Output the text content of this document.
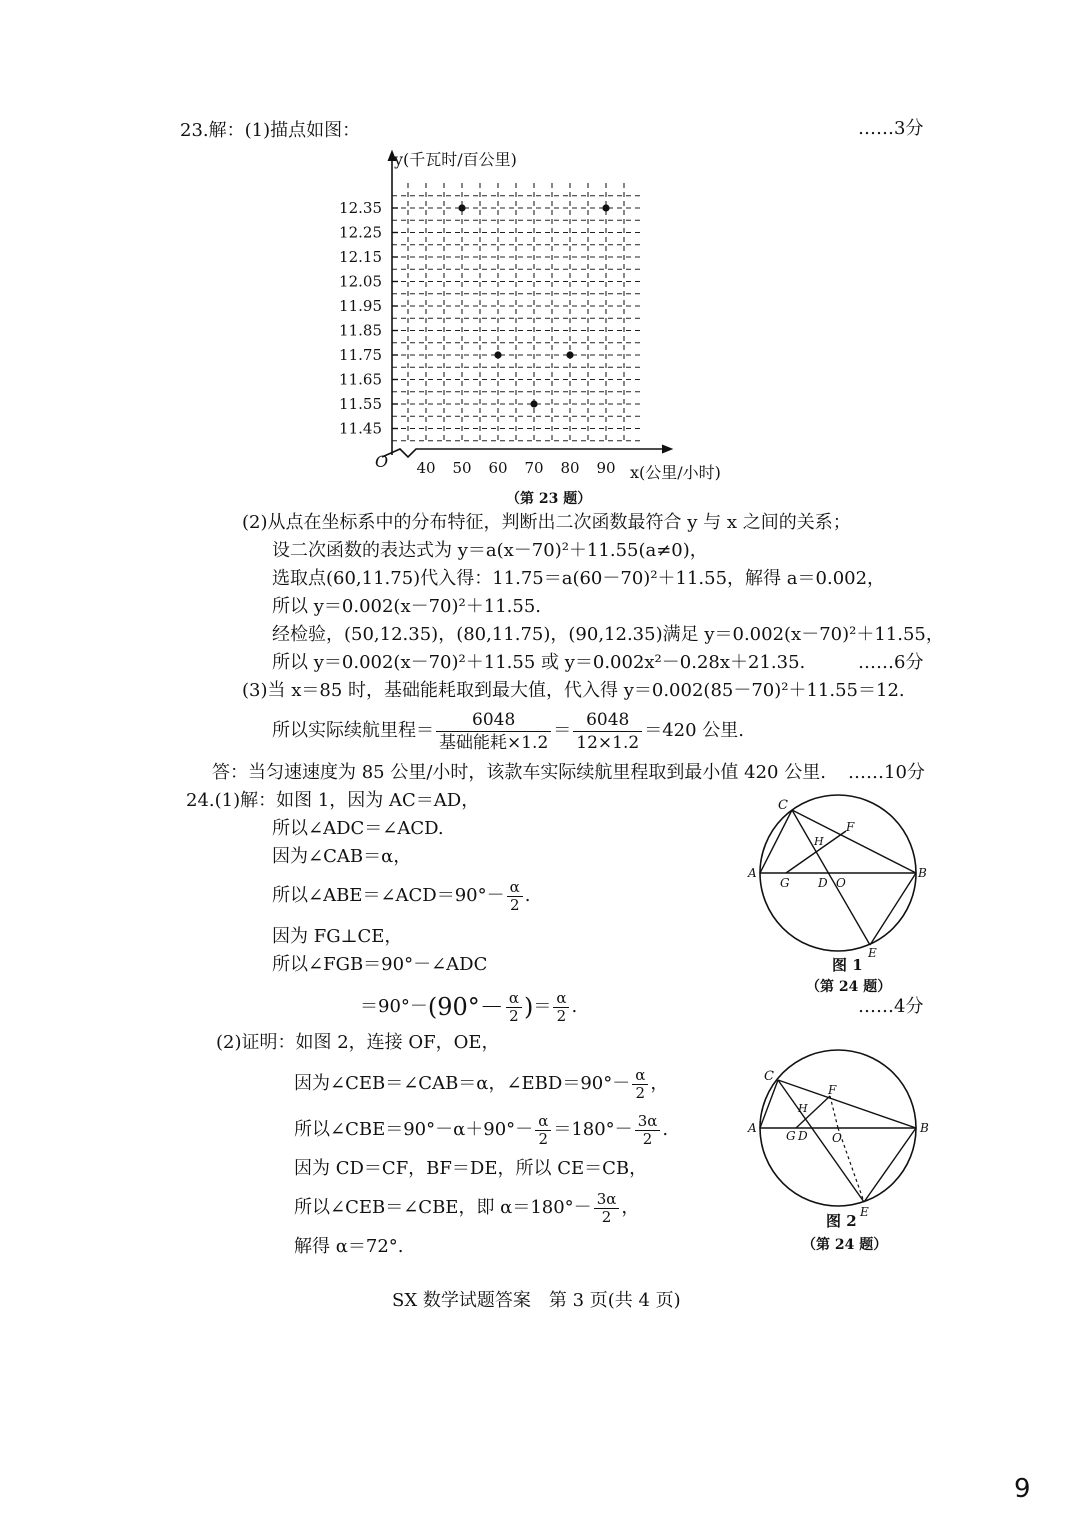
23.解：(1)描点如图：	……3分
12.35
12.25
12.15
12.05
11.95
11.85
11.75
11.65
11.55
11.45
40 50 60 70 80 90
y(千瓦时/百公里)
x(公里/小时)
O
（第 23 题）
(2)从点在坐标系中的分布特征，判断出二次函数最符合 y 与 x 之间的关系；
设二次函数的表达式为 y＝a(x－70)²＋11.55(a≠0)，
选取点(60,11.75)代入得：11.75＝a(60－70)²＋11.55，解得 a＝0.002，
所以 y＝0.002(x－70)²＋11.55.
经检验，(50,12.35)，(80,11.75)，(90,12.35)满足 y＝0.002(x－70)²＋11.55，
所以 y＝0.002(x－70)²＋11.55 或 y＝0.002x²－0.28x＋21.35.	……6分
(3)当 x＝85 时，基础能耗取到最大值，代入得 y＝0.002(85－70)²＋11.55＝12.
所以实际续航里程＝ $\frac{6048}{\text{基础能耗×1.2}} = \frac{6048}{12\times 1.2} =420$ 公里.
答：当匀速速度为 85 公里/小时，该款车实际续航里程取到最小值 420 公里. ……10分
24.(1)解：如图 1，因为 AC＝AD，
所以∠ADC＝∠ACD.
因为∠CAB＝α，
所以∠ABE＝∠ACD＝90°－ $\frac{\alpha}{2}$ .
因为 FG⊥CE，
所以∠FGB＝90°－∠ADC
$=90^\circ- (90^\circ- \frac{\alpha}{2}$ ) ＝ $\frac{\alpha}{2}$ .	……4分
C
H
F
A
G D O
B
E
图 1
（第 24 题）
(2)证明：如图 2，连接 OF，OE，
因为∠CEB＝∠CAB＝α，∠EBD＝90°－ $\frac{\alpha}{2}$ ，
所以∠CBE＝90°－α＋90°－ $\frac{\alpha}{2} =180^\circ- \frac{3\alpha}{2}$ .
因为 CD＝CF，BF＝DE，所以 CE＝CB，
所以∠CEB＝∠CBE，即 $\alpha=180^\circ- \frac{3\alpha}{2}$ ，
解得 α＝72°.
C
F
H
A
G D O
B
E
图 2
（第 24 题）
SX 数学试题答案　第 3 页(共 4 页)
9
